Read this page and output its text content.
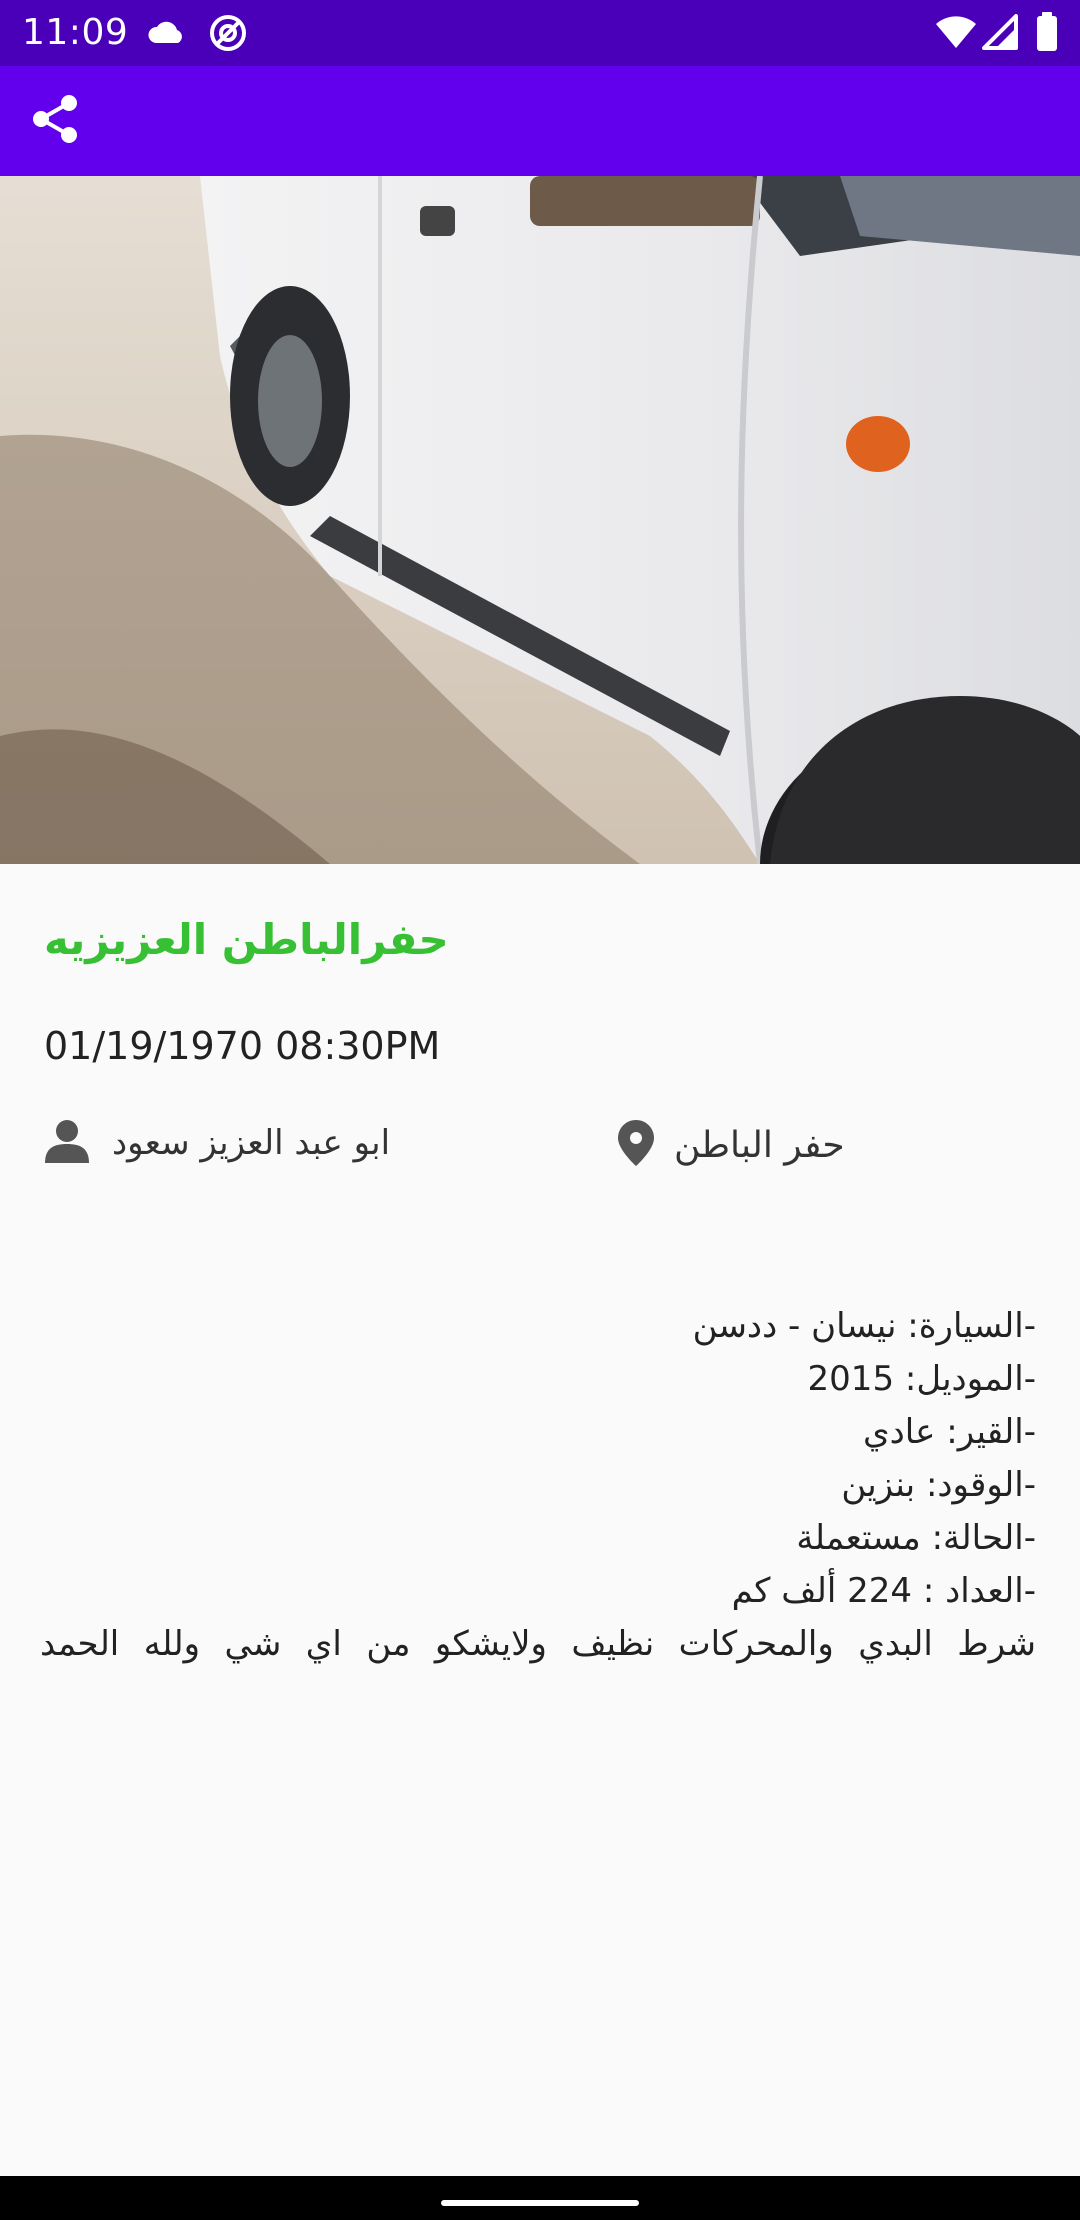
11:09
حفرالباطن العزيزيه
01/19/1970 08:30PM
ابو عبد العزيز سعود	حفر الباطن
-السيارة: نيسان - ددسن
-الموديل: 2015
-القير: عادي
-الوقود: بنزين
-الحالة: مستعملة
-العداد : 224 ألف كم
شرط البدي والمحركات نظيف ولايشكو من اي شي ولله الحمد
